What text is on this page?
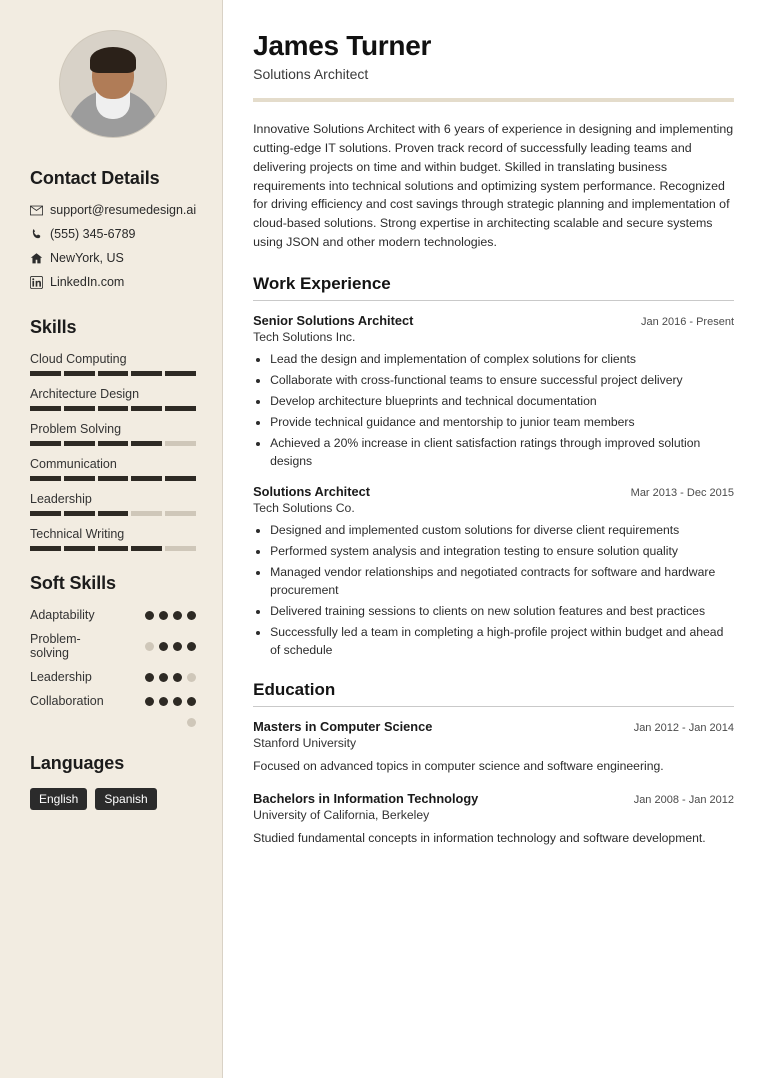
Contact Details
support@resumedesign.ai
(555) 345-6789
NewYork, US
LinkedIn.com
Skills
Cloud Computing
Architecture Design
Problem Solving
Communication
Leadership
Technical Writing
Soft Skills
Adaptability
Problem-solving
Leadership
Collaboration
Languages
English	Spanish
James Turner
Solutions Architect

Innovative Solutions Architect with 6 years of experience in designing and implementing cutting-edge IT solutions. Proven track record of successfully leading teams and delivering projects on time and within budget. Skilled in translating business requirements into technical solutions and optimizing system performance. Recognized for driving efficiency and cost savings through strategic planning and implementation of cloud-based solutions. Strong expertise in architecting scalable and secure systems using JSON and other modern technologies.

Work Experience
Senior Solutions Architect	Jan 2016 - Present
Tech Solutions Inc.
• Lead the design and implementation of complex solutions for clients
• Collaborate with cross-functional teams to ensure successful project delivery
• Develop architecture blueprints and technical documentation
• Provide technical guidance and mentorship to junior team members
• Achieved a 20% increase in client satisfaction ratings through improved solution designs
Solutions Architect	Mar 2013 - Dec 2015
Tech Solutions Co.
• Designed and implemented custom solutions for diverse client requirements
• Performed system analysis and integration testing to ensure solution quality
• Managed vendor relationships and negotiated contracts for software and hardware procurement
• Delivered training sessions to clients on new solution features and best practices
• Successfully led a team in completing a high-profile project within budget and ahead of schedule
Education
Masters in Computer Science	Jan 2012 - Jan 2014
Stanford University
Focused on advanced topics in computer science and software engineering.
Bachelors in Information Technology	Jan 2008 - Jan 2012
University of California, Berkeley
Studied fundamental concepts in information technology and software development.
